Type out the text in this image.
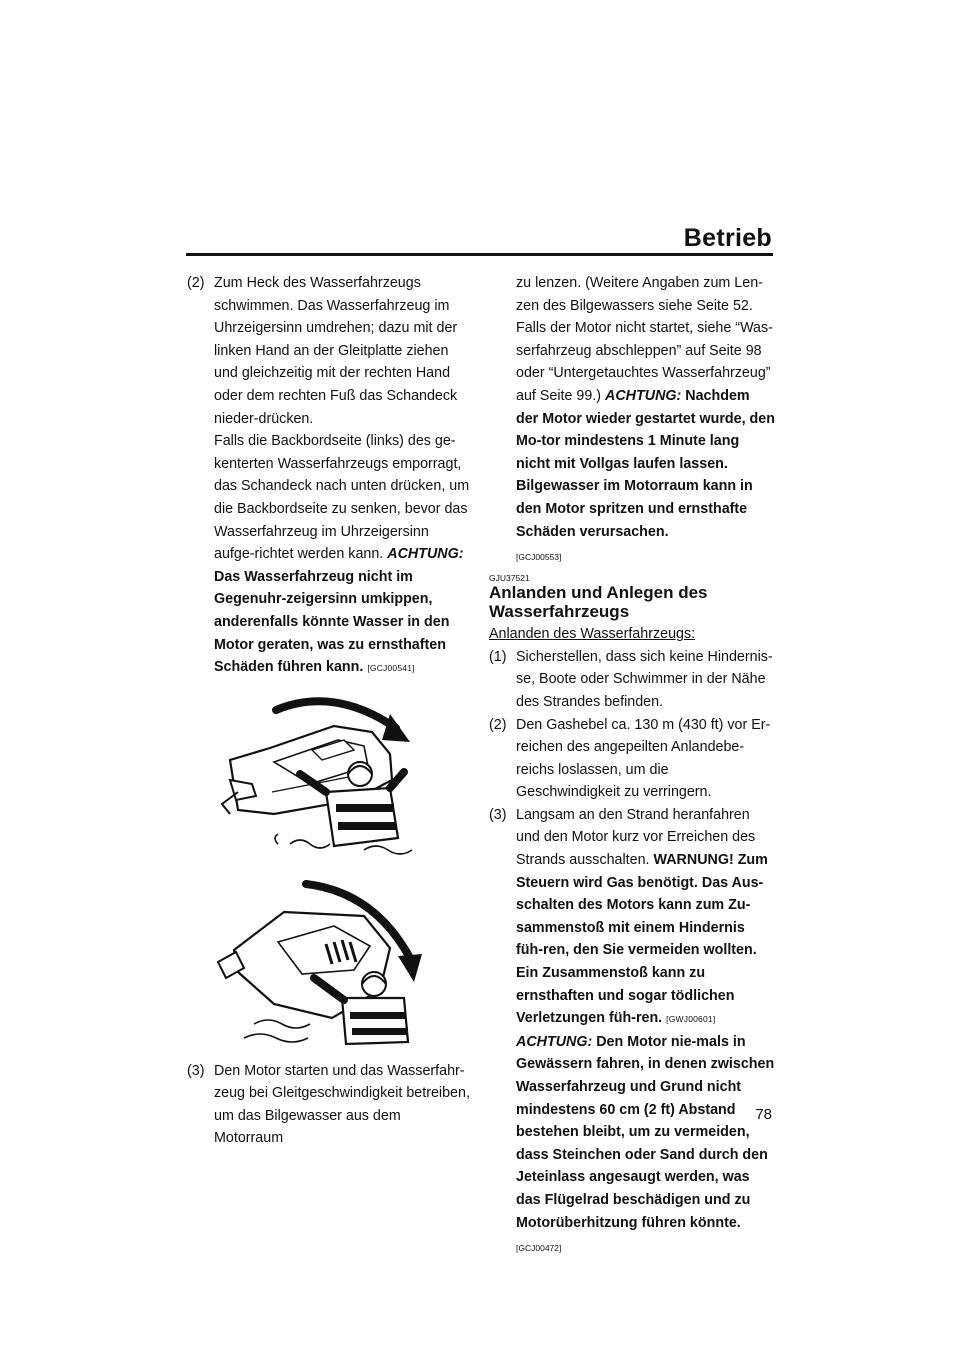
Betrieb
(2) Zum Heck des Wasserfahrzeugs schwimmen. Das Wasserfahrzeug im Uhrzeigersinn umdrehen; dazu mit der linken Hand an der Gleitplatte ziehen und gleichzeitig mit der rechten Hand oder dem rechten Fuß das Schandeck nieder-drücken.
Falls die Backbordseite (links) des ge-kenterten Wasserfahrzeugs emporragt, das Schandeck nach unten drücken, um die Backbordseite zu senken, bevor das Wasserfahrzeug im Uhrzeigersinn aufge-richtet werden kann. ACHTUNG: Das Wasserfahrzeug nicht im Gegenuhr-zeigersinn umkippen, anderenfalls könnte Wasser in den Motor geraten, was zu ernsthaften Schäden führen kann. [GCJ00541]
(3) Den Motor starten und das Wasserfahr-zeug bei Gleitgeschwindigkeit betreiben, um das Bilgewasser aus dem Motorraum
zu lenzen. (Weitere Angaben zum Len-zen des Bilgewassers siehe Seite 52. Falls der Motor nicht startet, siehe “Was-serfahrzeug abschleppen” auf Seite 98 oder “Untergetauchtes Wasserfahrzeug” auf Seite 99.) ACHTUNG: Nachdem der Motor wieder gestartet wurde, den Mo-tor mindestens 1 Minute lang nicht mit Vollgas laufen lassen. Bilgewasser im Motorraum kann in den Motor spritzen und ernsthafte Schäden verursachen.
[GCJ00553]
GJU37521
Anlanden und Anlegen des Wasserfahrzeugs
Anlanden des Wasserfahrzeugs:
(1) Sicherstellen, dass sich keine Hindernis-se, Boote oder Schwimmer in der Nähe des Strandes befinden.
(2) Den Gashebel ca. 130 m (430 ft) vor Er-reichen des angepeilten Anlandebe-reichs loslassen, um die Geschwindigkeit zu verringern.
(3) Langsam an den Strand heranfahren und den Motor kurz vor Erreichen des Strands ausschalten. WARNUNG! Zum Steuern wird Gas benötigt. Das Aus-schalten des Motors kann zum Zu-sammenstoß mit einem Hindernis füh-ren, den Sie vermeiden wollten. Ein Zusammenstoß kann zu ernsthaften und sogar tödlichen Verletzungen füh-ren. [GWJ00601] ACHTUNG: Den Motor nie-mals in Gewässern fahren, in denen zwischen Wasserfahrzeug und Grund nicht mindestens 60 cm (2 ft) Abstand bestehen bleibt, um zu vermeiden, dass Steinchen oder Sand durch den Jeteinlass angesaugt werden, was das Flügelrad beschädigen und zu Motorüberhitzung führen könnte.
[GCJ00472]
78
